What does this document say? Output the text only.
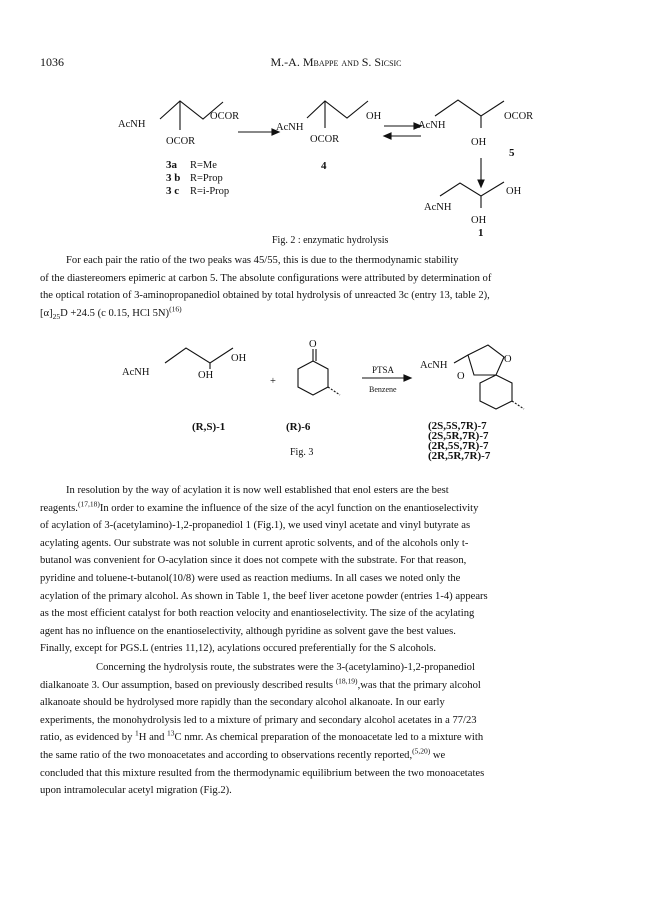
1036	M.-A. Mbappe and S. Sicsic
AcNH
OCOR
OCOR
3a R=Me
3 b R=Prop
3 c R=i-Prop
AcNH
OH
OCOR
4
AcNH
OCOR
OH
5
AcNH
OH
OH
1
Fig. 2 : enzymatic hydrolysis
For each pair the ratio of the two peaks was 45/55, this is due to the thermodynamic stability
of the diastereomers epimeric at carbon 5. The absolute configurations were attributed by determination of
the optical rotation of 3-aminopropanediol obtained by total hydrolysis of unreacted 3c (entry 13, table 2),
$[\alpha]_{25}D +24.5$ (c 0.15, HCl 5N)$^{(16)}$
AcNH
OH
OH
+
O
PTSA
Benzene
AcNH
O
O
(R,S)-1	(R)-6	(2S,5S,7R)-7
(2S,5R,7R)-7
(2R,5S,7R)-7
(2R,5R,7R)-7
Fig. 3
In resolution by the way of acylation it is now well established that enol esters are the best
reagents.$^{(17,18)}$In order to examine the influence of the size of the acyl function on the enantioselectivity
of acylation of 3-(acetylamino)-1,2-propanediol 1 (Fig.1), we used vinyl acetate and vinyl butyrate as
acylating agents. Our substrate was not soluble in current aprotic solvents, and of the alcohols only t-
butanol was convenient for O-acylation since it does not compete with the substrate. For that reason,
pyridine and toluene-t-butanol(10/8) were used as reaction mediums. In all cases we noted only the
acylation of the primary alcohol. As shown in Table 1, the beef liver acetone powder (entries 1-4) appears
as the most efficient catalyst for both reaction velocity and enantioselectivity. The size of the acylating
agent has no influence on the enantioselectivity, although pyridine as solvent gave the best values.
Finally, except for PGS.L (entries 11,12), acylations occured preferentially for the S alcohols.
Concerning the hydrolysis route, the substrates were the 3-(acetylamino)-1,2-propanediol
dialkanoate 3. Our assumption, based on previously described results $^{(18,19)}$,was that the primary alcohol
alkanoate should be hydrolysed more rapidly than the secondary alcohol alkanoate. In our early
experiments, the monohydrolysis led to a mixture of primary and secondary alcohol acetates in a 77/23
ratio, as evidenced by $^1$H and $^{13}$C nmr. As chemical preparation of the monoacetate led to a mixture with
the same ratio of the two monoacetates and according to observations recently reported,$^{(5,20)}$ we
concluded that this mixture resulted from the thermodynamic equilibrium between the two monoacetates
upon intramolecular acetyl migration (Fig.2).
